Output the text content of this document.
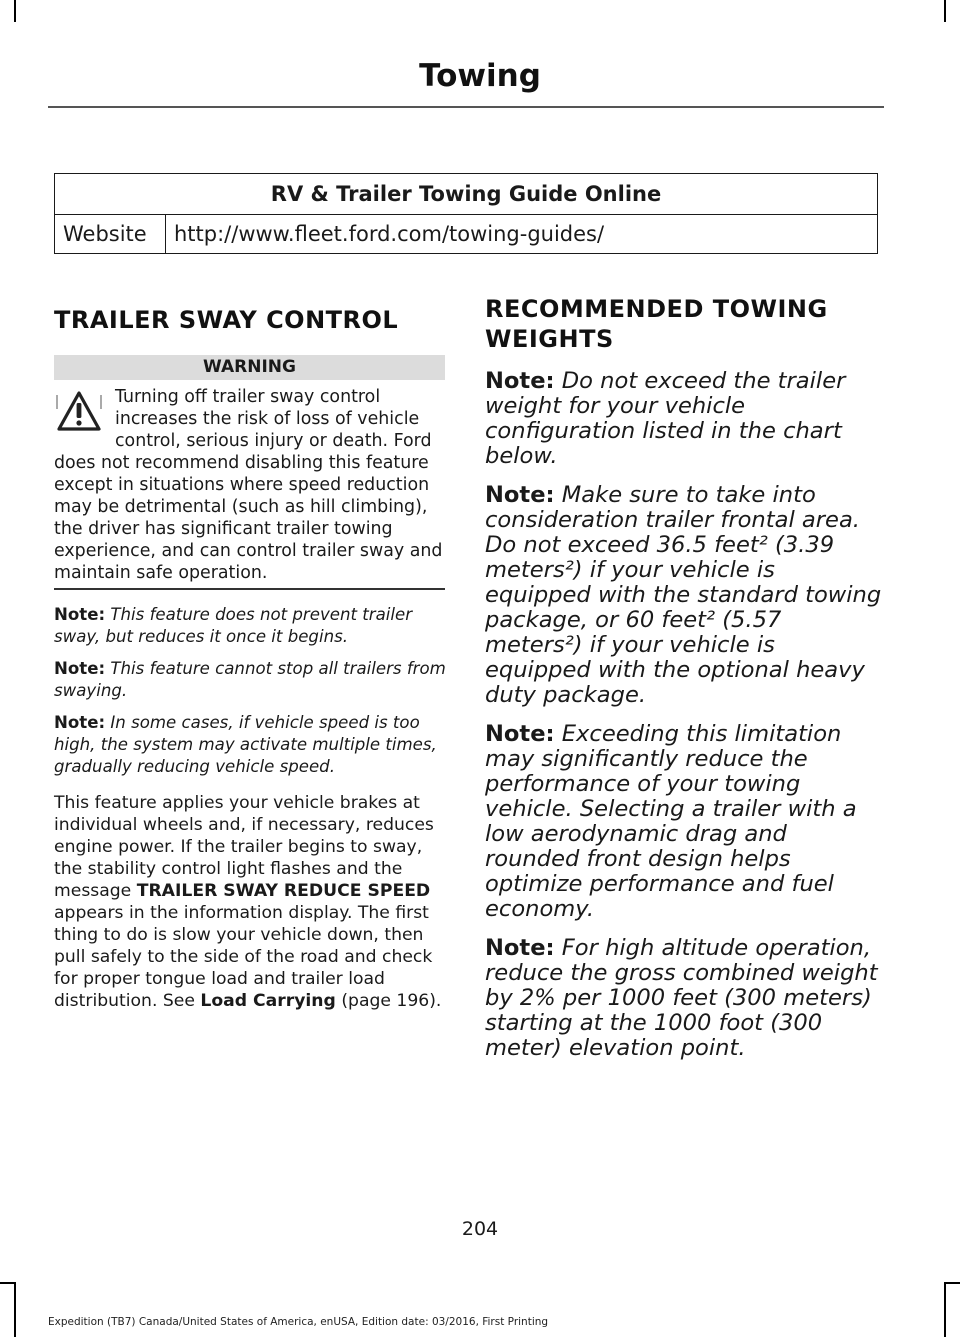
Towing
RV & Trailer Towing Guide Online
Website	http://www.fleet.ford.com/towing-guides/

TRAILER SWAY CONTROL

WARNING
Turning off trailer sway control increases the risk of loss of vehicle control, serious injury or death. Ford does not recommend disabling this feature except in situations where speed reduction may be detrimental (such as hill climbing), the driver has significant trailer towing experience, and can control trailer sway and maintain safe operation.

Note: This feature does not prevent trailer sway, but reduces it once it begins.

Note: This feature cannot stop all trailers from swaying.

Note: In some cases, if vehicle speed is too high, the system may activate multiple times, gradually reducing vehicle speed.

This feature applies your vehicle brakes at individual wheels and, if necessary, reduces engine power. If the trailer begins to sway, the stability control light flashes and the message TRAILER SWAY REDUCE SPEED appears in the information display. The first thing to do is slow your vehicle down, then pull safely to the side of the road and check for proper tongue load and trailer load distribution. See Load Carrying (page 196).

RECOMMENDED TOWING

WEIGHTS

Note: Do not exceed the trailer weight for your vehicle configuration listed in the chart below.

Note: Make sure to take into consideration trailer frontal area. Do not exceed 36.5 feet² (3.39 meters²) if your vehicle is equipped with the standard towing package, or 60 feet² (5.57 meters²) if your vehicle is equipped with the optional heavy duty package.

Note: Exceeding this limitation may significantly reduce the performance of your towing vehicle. Selecting a trailer with a low aerodynamic drag and rounded front design helps optimize performance and fuel economy.

Note: For high altitude operation, reduce the gross combined weight by 2% per 1000 feet (300 meters) starting at the 1000 foot (300 meter) elevation point.

204
Expedition (TB7) Canada/United States of America, enUSA, Edition date: 03/2016, First Printing
